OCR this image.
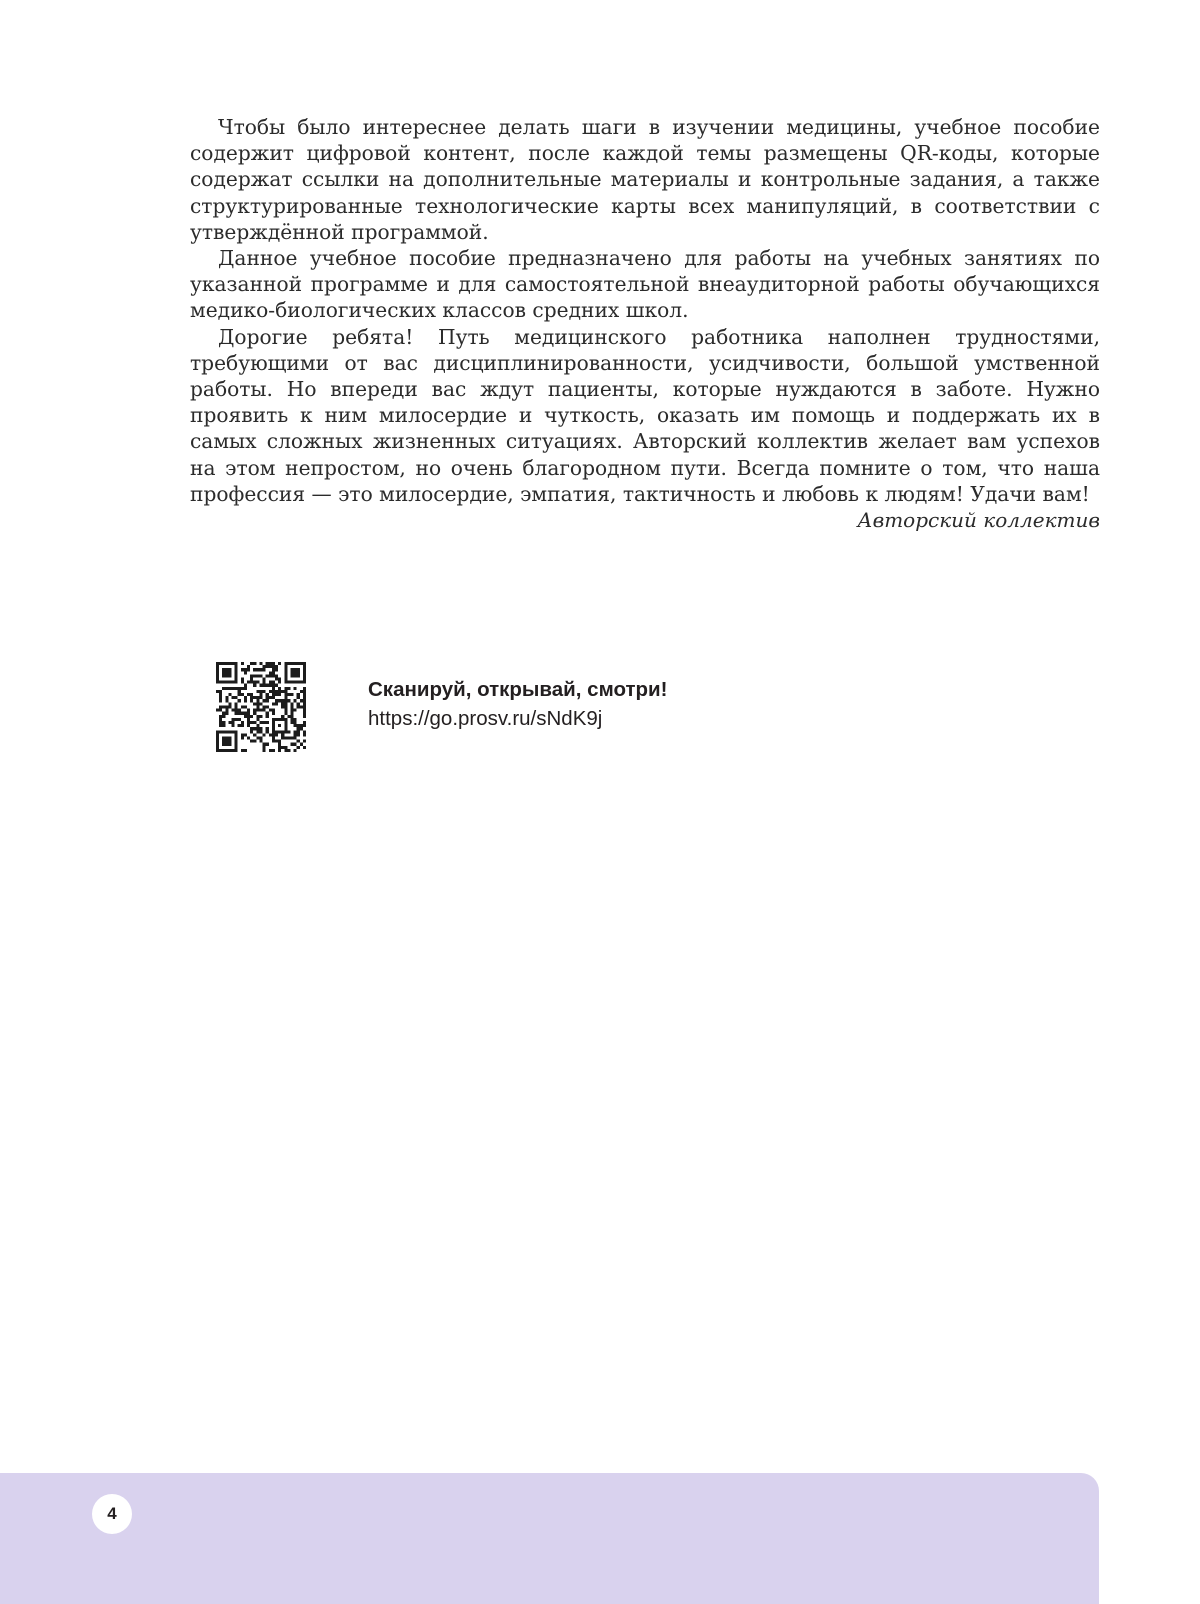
Чтобы было интереснее делать шаги в изучении медицины, учебное пособие содержит цифровой контент, после каждой темы размещены QR-коды, которые содержат ссылки на дополнительные материалы и контрольные задания, а также структурированные технологические карты всех манипуляций, в соответствии с утверждённой программой.

Данное учебное пособие предназначено для работы на учебных занятиях по указанной программе и для самостоятельной внеаудиторной работы обучающихся медико-биологических классов средних школ.

Дорогие ребята! Путь медицинского работника наполнен трудностями, требующими от вас дисциплинированности, усидчивости, большой умственной работы. Но впереди вас ждут пациенты, которые нуждаются в заботе. Нужно проявить к ним милосердие и чуткость, оказать им помощь и поддержать их в самых сложных жизненных ситуациях. Авторский коллектив желает вам успехов на этом непростом, но очень благородном пути. Всегда помните о том, что наша профессия — это милосердие, эмпатия, тактичность и любовь к людям! Удачи вам!

Авторский коллектив
Сканируй, открывай, смотри!
https://go.prosv.ru/sNdK9j
4
